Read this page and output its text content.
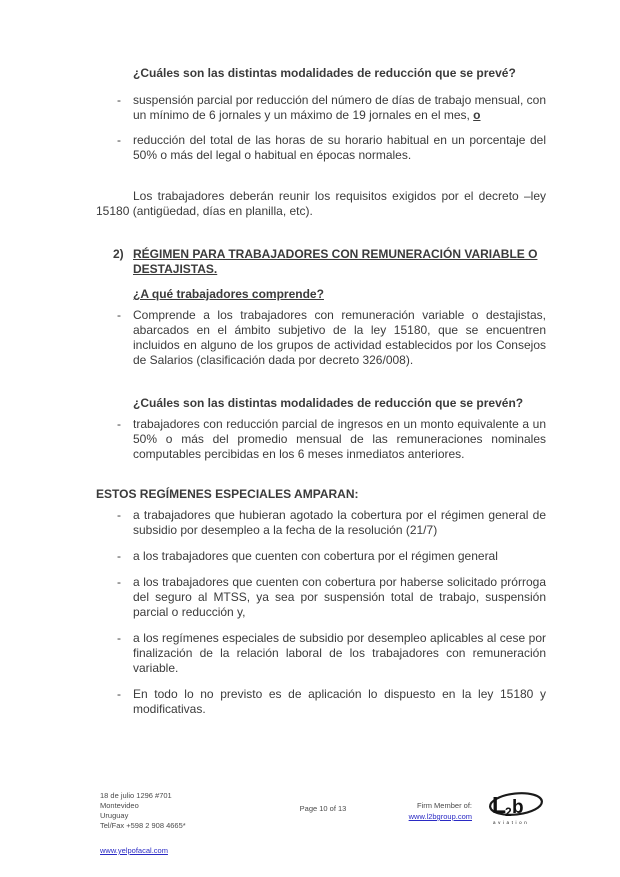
¿Cuáles son las distintas modalidades de reducción que se prevé?

-	suspensión parcial por reducción del número de días de trabajo mensual, con un mínimo de 6 jornales y un máximo de 19 jornales en el mes, o
-	reducción del total de las horas de su horario habitual en un porcentaje del 50% o más del legal o habitual en épocas normales.

Los trabajadores deberán reunir los requisitos exigidos por el decreto –ley 15180 (antigüedad, días en planilla, etc).

2) RÉGIMEN PARA TRABAJADORES CON REMUNERACIÓN VARIABLE O DESTAJISTAS.

¿A qué trabajadores comprende?

-	Comprende a los trabajadores con remuneración variable o destajistas, abarcados en el ámbito subjetivo de la ley 15180, que se encuentren incluidos en alguno de los grupos de actividad establecidos por los Consejos de Salarios (clasificación dada por decreto 326/008).

¿Cuáles son las distintas modalidades de reducción que se prevén?

-	trabajadores con reducción parcial de ingresos en un monto equivalente a un 50% o más del promedio mensual de las remuneraciones nominales computables percibidas en los 6 meses inmediatos anteriores.

ESTOS REGÍMENES ESPECIALES AMPARAN:

-	a trabajadores que hubieran agotado la cobertura por el régimen general de subsidio por desempleo a la fecha de la resolución (21/7)
-	a los trabajadores que cuenten con cobertura por el régimen general
-	a los trabajadores que cuenten con cobertura por haberse solicitado prórroga del seguro al MTSS, ya sea por suspensión total de trabajo, suspensión parcial o reducción y,
-	a los regímenes especiales de subsidio por desempleo aplicables al cese por finalización de la relación laboral de los trabajadores con remuneración variable.
-	En todo lo no previsto es de aplicación lo dispuesto en la ley 15180 y modificativas.
18 de julio 1296 #701
Montevideo
Uruguay
Tel/Fax +598 2 908 4665*
www.yelpofacal.com
Page 10 of 13	Firm Member of:
www.l2bgroup.com L
2 b
aviation
